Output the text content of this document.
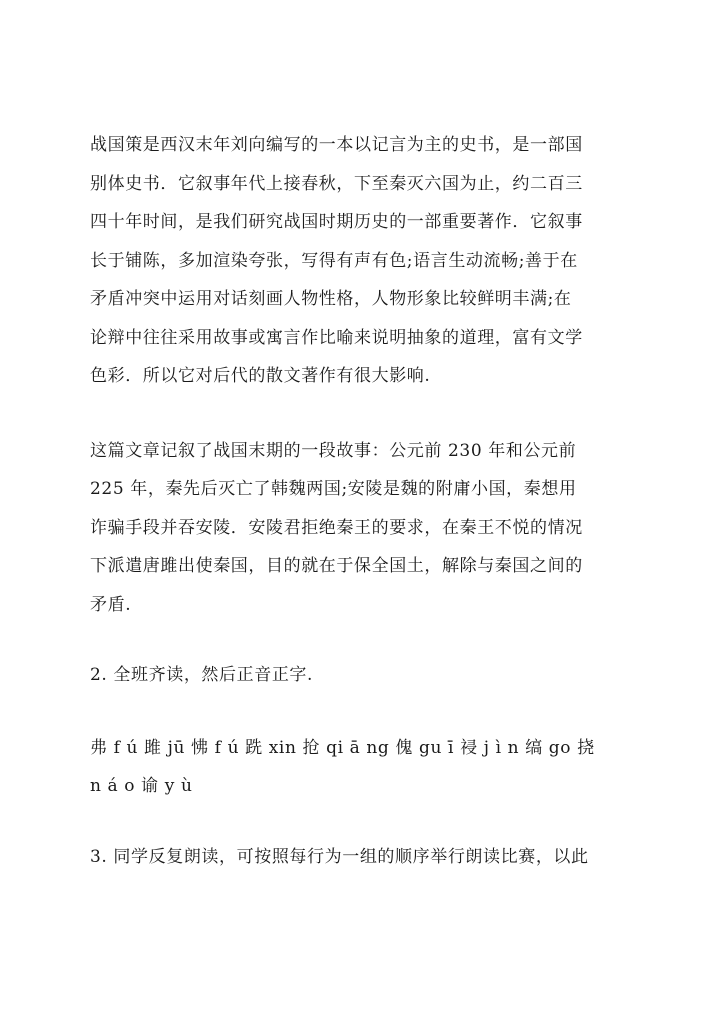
战国策是西汉末年刘向编写的一本以记言为主的史书，是一部国
别体史书．它叙事年代上接春秋，下至秦灭六国为止，约二百三
四十年时间，是我们研究战国时期历史的一部重要著作．它叙事
长于铺陈，多加渲染夸张，写得有声有色;语言生动流畅;善于在
矛盾冲突中运用对话刻画人物性格，人物形象比较鲜明丰满;在
论辩中往往采用故事或寓言作比喻来说明抽象的道理，富有文学
色彩．所以它对后代的散文著作有很大影响.

这篇文章记叙了战国末期的一段故事：公元前 230 年和公元前
225 年，秦先后灭亡了韩魏两国;安陵是魏的附庸小国，秦想用
诈骗手段并吞安陵．安陵君拒绝秦王的要求，在秦王不悦的情况
下派遣唐雎出使秦国，目的就在于保全国土，解除与秦国之间的
矛盾.

2. 全班齐读，然后正音正字.

弗 f ú 雎 jū 怫 f ú 跣 xin 抢 qi ā ng 傀 gu ī 祲 j ì n 缟 go 挠
n á o 谕 y ù

3. 同学反复朗读，可按照每行为一组的顺序举行朗读比赛，以此
